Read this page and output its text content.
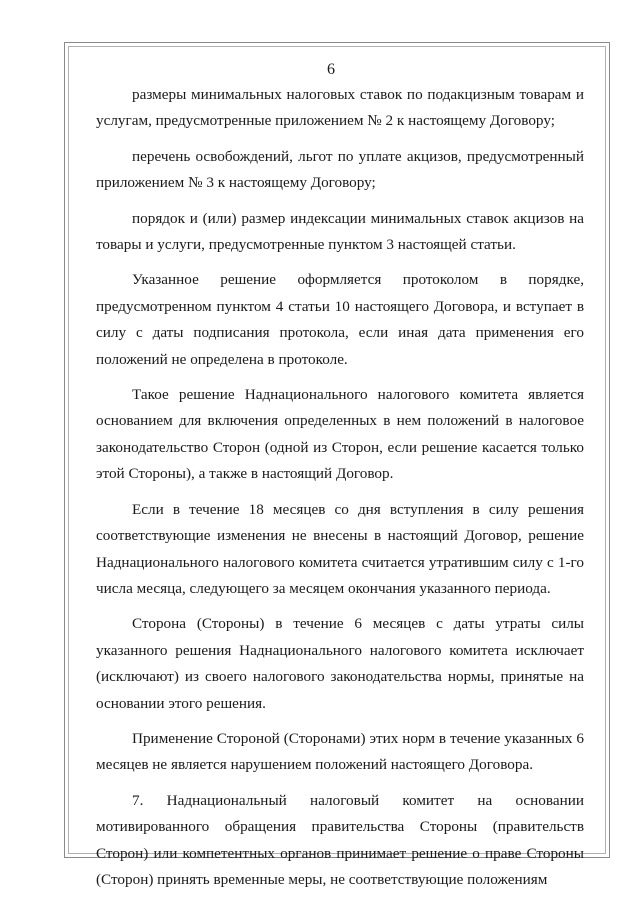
6

размеры минимальных налоговых ставок по подакцизным товарам и услугам, предусмотренные приложением № 2 к настоящему Договору;

перечень освобождений, льгот по уплате акцизов, предусмотренный приложением № 3 к настоящему Договору;

порядок и (или) размер индексации минимальных ставок акцизов на товары и услуги, предусмотренные пунктом 3 настоящей статьи.

Указанное решение оформляется протоколом в порядке, предусмотренном пунктом 4 статьи 10 настоящего Договора, и вступает в силу с даты подписания протокола, если иная дата применения его положений не определена в протоколе.

Такое решение Наднационального налогового комитета является основанием для включения определенных в нем положений в налоговое законодательство Сторон (одной из Сторон, если решение касается только этой Стороны), а также в настоящий Договор.

Если в течение 18 месяцев со дня вступления в силу решения соответствующие изменения не внесены в настоящий Договор, решение Наднационального налогового комитета считается утратившим силу с 1-го числа месяца, следующего за месяцем окончания указанного периода.

Сторона (Стороны) в течение 6 месяцев с даты утраты силы указанного решения Наднационального налогового комитета исключает (исключают) из своего налогового законодательства нормы, принятые на основании этого решения.

Применение Стороной (Сторонами) этих норм в течение указанных 6 месяцев не является нарушением положений настоящего Договора.

7. Наднациональный налоговый комитет на основании мотивированного обращения правительства Стороны (правительств Сторон) или компетентных органов принимает решение о праве Стороны (Сторон) принять временные меры, не соответствующие положениям
